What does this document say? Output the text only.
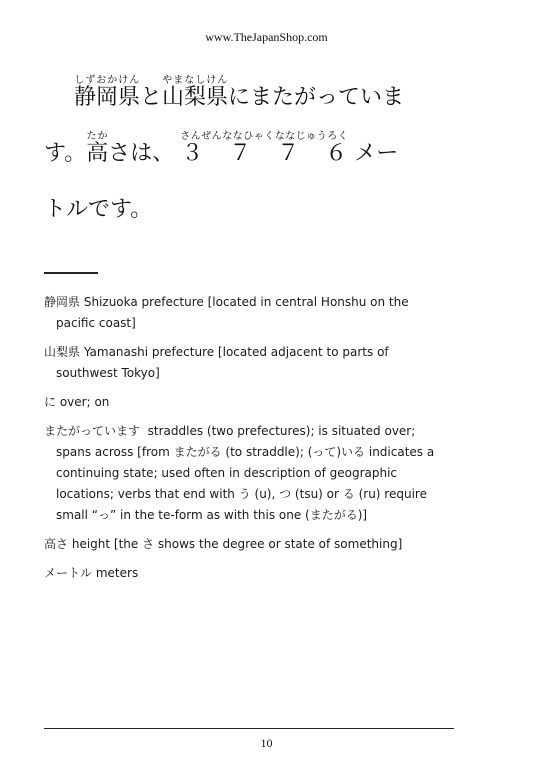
www.TheJapanShop.com
静岡県しずおかけんと山梨県やまなしけんにまたがっていま
す。高たかさは、 ３　７　７　６さんぜんななひゃくななじゅうろく メー
トルです。

静岡県 Shizuoka prefecture [located in central Honshu on the pacific coast]

山梨県 Yamanashi prefecture [located adjacent to parts of southwest Tokyo]

に over; on

またがっています straddles (two prefectures); is situated over; spans across [from またがる (to straddle); (って)いる indicates a continuing state; used often in description of geographic locations; verbs that end with う (u), つ (tsu) or る (ru) require small “っ” in the te-form as with this one (またがる)]

高さ height [the さ shows the degree or state of something]

メートル meters

10
